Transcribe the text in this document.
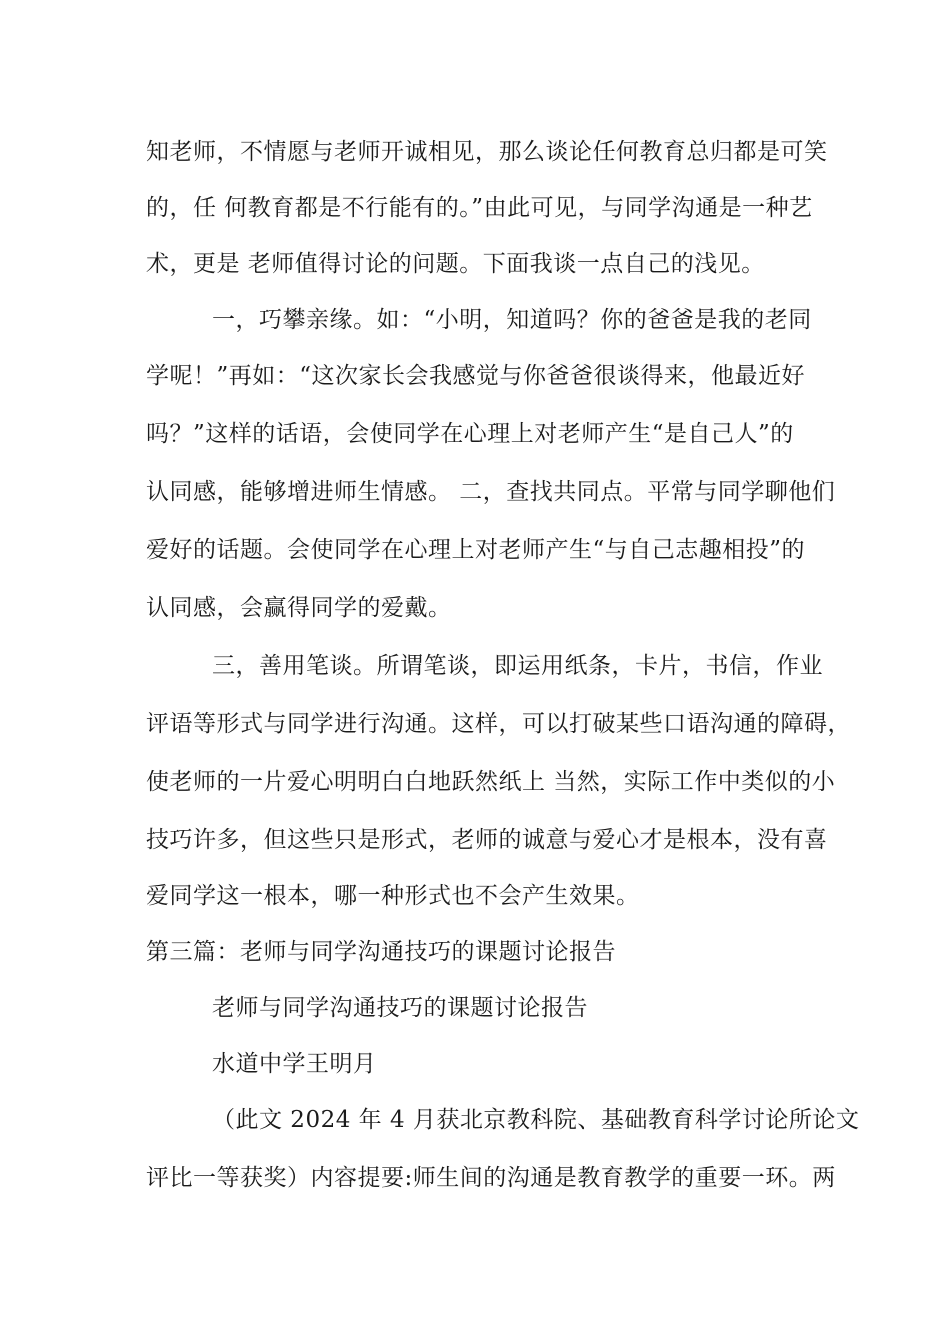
知老师，不情愿与老师开诚相见，那么谈论任何教育总归都是可笑
的，任 何教育都是不行能有的。”由此可见，与同学沟通是一种艺
术，更是 老师值得讨论的问题。下面我谈一点自己的浅见。
一，巧攀亲缘。如：“小明，知道吗？你的爸爸是我的老同
学呢！”再如：“这次家长会我感觉与你爸爸很谈得来，他最近好
吗？”这样的话语，会使同学在心理上对老师产生“是自己人”的
认同感，能够增进师生情感。 二，查找共同点。平常与同学聊他们
爱好的话题。会使同学在心理上对老师产生“与自己志趣相投”的
认同感，会赢得同学的爱戴。
三，善用笔谈。所谓笔谈，即运用纸条，卡片，书信，作业
评语等形式与同学进行沟通。这样，可以打破某些口语沟通的障碍，
使老师的一片爱心明明白白地跃然纸上 当然，实际工作中类似的小
技巧许多，但这些只是形式，老师的诚意与爱心才是根本，没有喜
爱同学这一根本，哪一种形式也不会产生效果。
第三篇：老师与同学沟通技巧的课题讨论报告
老师与同学沟通技巧的课题讨论报告
水道中学王明月
（此文 2024 年 4 月获北京教科院、基础教育科学讨论所论文
评比一等获奖）内容提要:师生间的沟通是教育教学的重要一环。两
